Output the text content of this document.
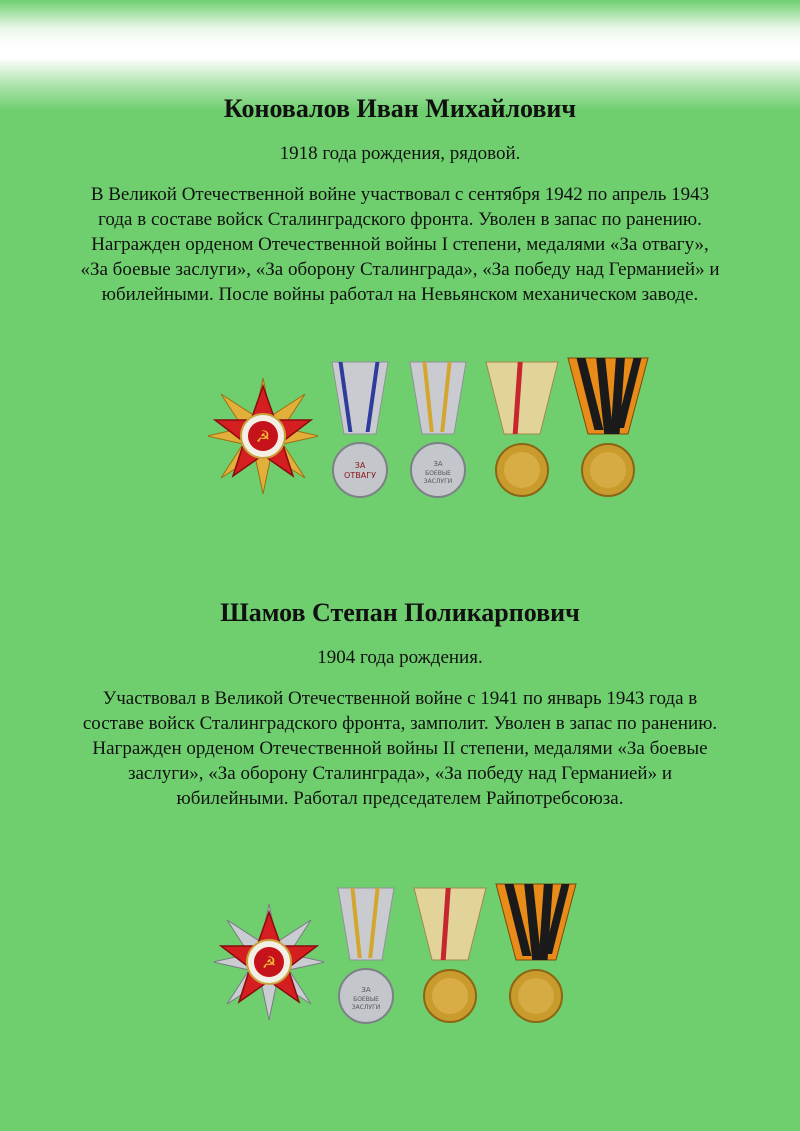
Коновалов Иван Михайлович

1918 года рождения, рядовой.

В Великой Отечественной войне участвовал с сентября 1942 по апрель 1943 года в составе войск Сталинградского фронта. Уволен в запас по ранению. Награжден орденом Отечественной войны I степени, медалями «За отвагу», «За боевые заслуги», «За оборону Сталинграда», «За победу над Германией» и юбилейными. После войны работал на Невьянском механическом заводе.

☭
ЗА
ОТВАГУ
ЗА
БОЕВЫЕ
ЗАСЛУГИ
Шамов Степан Поликарпович

1904 года рождения.

Участвовал в Великой Отечественной войне с 1941 по январь 1943 года в составе войск Сталинградского фронта, замполит. Уволен в запас по ранению. Награжден орденом Отечественной войны II степени, медалями «За боевые заслуги», «За оборону Сталинграда», «За победу над Германией» и юбилейными. Работал председателем Райпотребсоюза.

☭
ЗА
БОЕВЫЕ
ЗАСЛУГИ
